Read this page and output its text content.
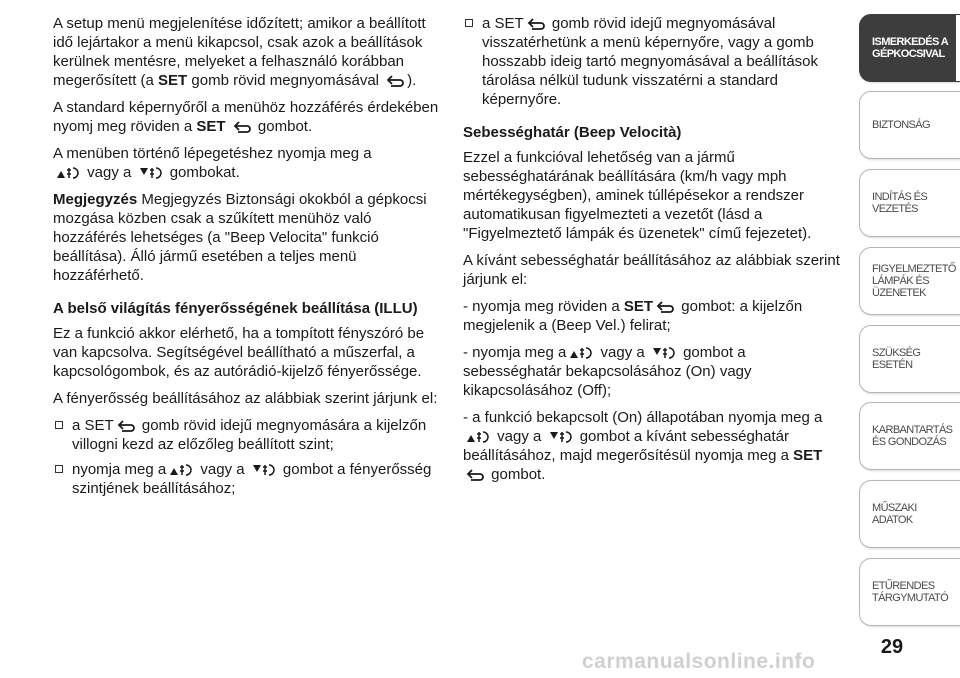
A setup menü megjelenítése időzített; amikor a beállított idő lejártakor a menü kikapcsol, csak azok a beállítások kerülnek mentésre, melyeket a felhasználó korábban megerősített (a SET gomb rövid megnyomásával ).

A standard képernyőről a menühöz hozzáférés érdekében nyomj meg röviden a SET
gombot.

A menüben történő lépegetéshez nyomja meg a

vagy a
gombokat.

Megjegyzés Megjegyzés Biztonsági okokból a gépkocsi mozgása közben csak a szűkített menühöz való hozzáférés lehetséges (a "Beep Velocita" funkció beállítása). Álló jármű esetében a teljes menü hozzáférhető.

A belső világítás fényerősségének beállítása (ILLU)

Ez a funkció akkor elérhető, ha a tompított fényszóró be van kapcsolva. Segítségével beállítható a műszerfal, a kapcsológombok, és az autórádió-kijelző fényerőssége.

A fényerősség beállításához az alábbiak szerint járjunk el:

a SET
gomb rövid idejű megnyomására a kijelzőn villogni kezd az előzőleg beállított szint;
nyomja meg a
vagy a
gombot a fényerősség szintjének beállításához;
a SET
gomb rövid idejű megnyomásával visszatérhetünk a menü képernyőre, vagy a gomb hosszabb ideig tartó megnyomásával a beállítások tárolása nélkül tudunk visszatérni a standard képernyőre.

Sebességhatár (Beep Velocità)

Ezzel a funkcióval lehetőség van a jármű sebességhatárának beállítására (km/h vagy mph mértékegységben), aminek túllépésekor a rendszer automatikusan figyelmezteti a vezetőt (lásd a "Figyelmeztető lámpák és üzenetek" című fejezetet).

A kívánt sebességhatár beállításához az alábbiak szerint járjunk el:

- nyomja meg röviden a SET
gombot: a kijelzőn megjelenik a (Beep Vel.) felirat;

- nyomja meg a
vagy a
gombot a sebességhatár bekapcsolásához (On) vagy kikapcsolásához (Off);

- a funkció bekapcsolt (On) állapotában nyomja meg a
vagy a
gombot a kívánt sebességhatár beállításához, majd megerősítésül nyomja meg a SET

gombot.

ISMERKEDÉS A GÉPKOCSIVAL
BIZTONSÁG
INDÍTÁS ÉS VEZETÉS
FIGYELMEZTETŐ LÁMPÁK ÉS ÜZENETEK
SZÜKSÉG ESETÉN
KARBANTARTÁS ÉS GONDOZÁS
MŰSZAKI ADATOK
ETŰRENDES TÁRGYMUTATÓ
29
carmanualsonline.info
